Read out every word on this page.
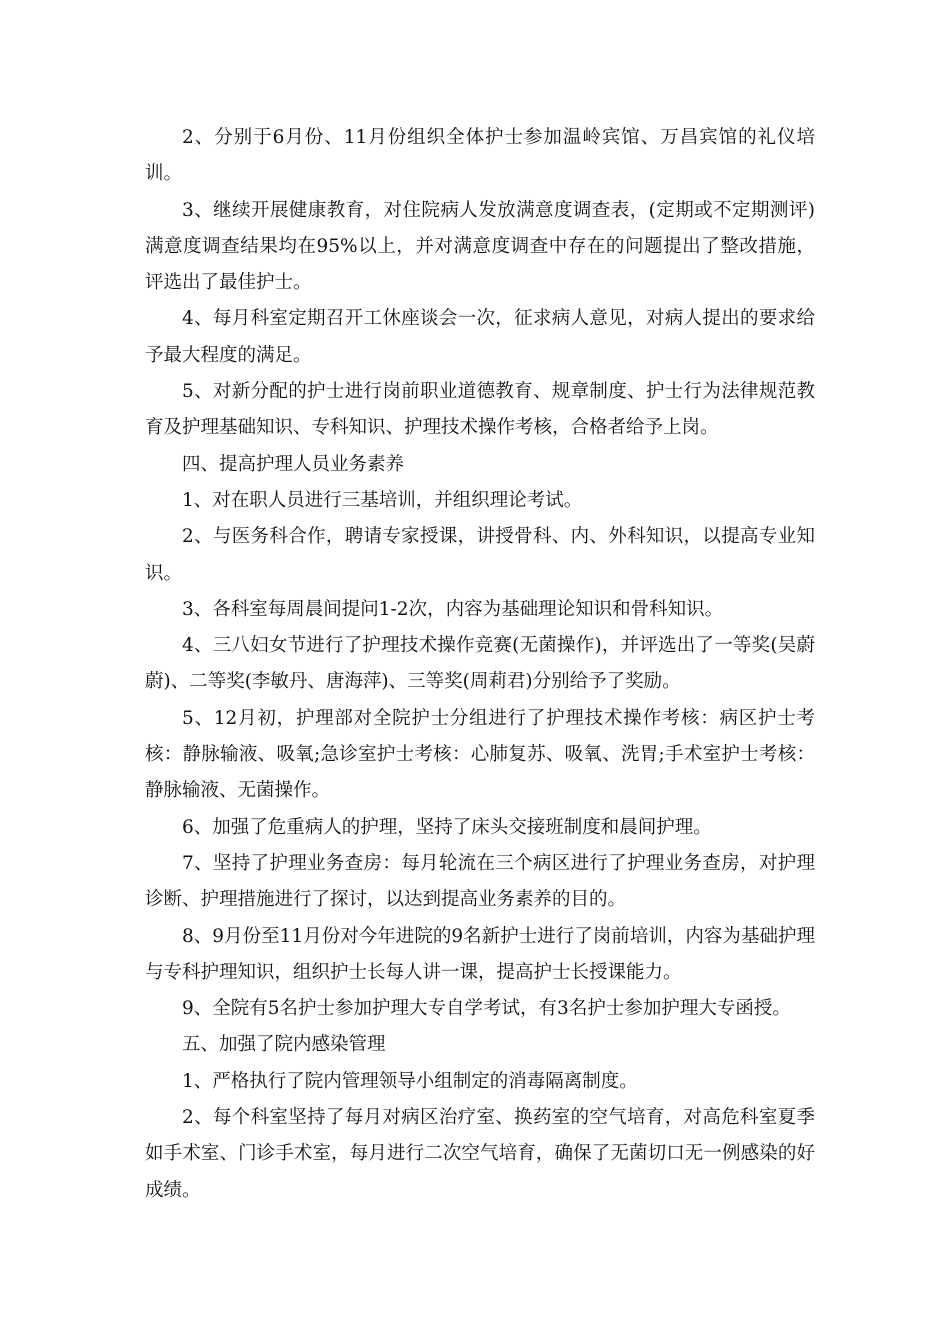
2、分别于6月份、11月份组织全体护士参加温岭宾馆、万昌宾馆的礼仪培训。

3、继续开展健康教育，对住院病人发放满意度调查表，(定期或不定期测评)满意度调查结果均在95%以上，并对满意度调查中存在的问题提出了整改措施，评选出了最佳护士。

4、每月科室定期召开工休座谈会一次，征求病人意见，对病人提出的要求给予最大程度的满足。

5、对新分配的护士进行岗前职业道德教育、规章制度、护士行为法律规范教育及护理基础知识、专科知识、护理技术操作考核，合格者给予上岗。

四、提高护理人员业务素养

1、对在职人员进行三基培训，并组织理论考试。

2、与医务科合作，聘请专家授课，讲授骨科、内、外科知识，以提高专业知识。

3、各科室每周晨间提问1-2次，内容为基础理论知识和骨科知识。

4、三八妇女节进行了护理技术操作竞赛(无菌操作)，并评选出了一等奖(吴蔚蔚)、二等奖(李敏丹、唐海萍)、三等奖(周莉君)分别给予了奖励。

5、12月初，护理部对全院护士分组进行了护理技术操作考核：病区护士考核：静脉输液、吸氧;急诊室护士考核：心肺复苏、吸氧、洗胃;手术室护士考核：静脉输液、无菌操作。

6、加强了危重病人的护理，坚持了床头交接班制度和晨间护理。

7、坚持了护理业务查房：每月轮流在三个病区进行了护理业务查房，对护理诊断、护理措施进行了探讨，以达到提高业务素养的目的。

8、9月份至11月份对今年进院的9名新护士进行了岗前培训，内容为基础护理与专科护理知识，组织护士长每人讲一课，提高护士长授课能力。

9、全院有5名护士参加护理大专自学考试，有3名护士参加护理大专函授。

五、加强了院内感染管理

1、严格执行了院内管理领导小组制定的消毒隔离制度。

2、每个科室坚持了每月对病区治疗室、换药室的空气培育，对高危科室夏季如手术室、门诊手术室，每月进行二次空气培育，确保了无菌切口无一例感染的好成绩。
